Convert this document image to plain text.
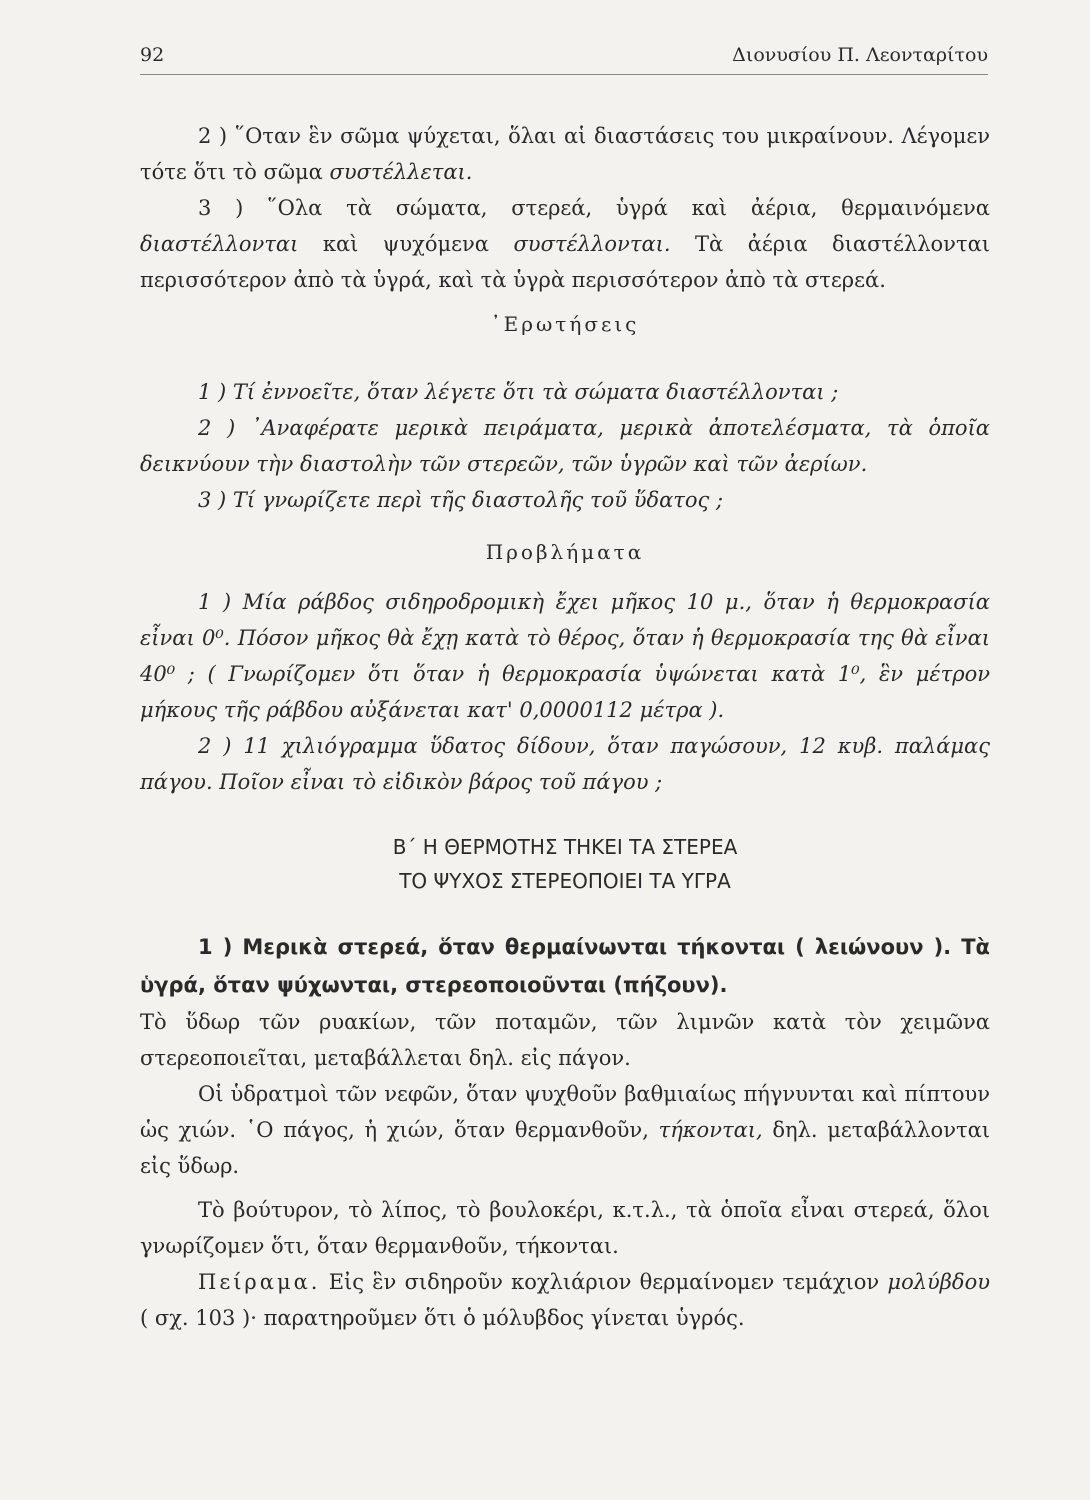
92	Διονυσίου Π. Λεονταρίτου

2 ) ῞Οταν ἓν σῶμα ψύχεται, ὅλαι αἱ διαστάσεις του μικραίνουν. Λέγομεν τότε ὅτι τὸ σῶμα συστέλλεται.

3 ) ῞Ολα τὰ σώματα, στερεά, ὑγρά καὶ ἀέρια, θερμαινόμενα διαστέλλονται καὶ ψυχόμενα συστέλλονται. Τὰ ἀέρια διαστέλλονται περισσότερον ἀπὸ τὰ ὑγρά, καὶ τὰ ὑγρὰ περισσότερον ἀπὸ τὰ στερεά.

᾿Ερωτήσεις

1 ) Τί ἐννοεῖτε, ὅταν λέγετε ὅτι τὰ σώματα διαστέλλονται ;

2 ) ᾿Αναφέρατε μερικὰ πειράματα, μερικὰ ἀποτελέσματα, τὰ ὁποῖα δεικνύουν τὴν διαστολὴν τῶν στερεῶν, τῶν ὑγρῶν καὶ τῶν ἀερίων.

3 ) Τί γνωρίζετε περὶ τῆς διαστολῆς τοῦ ὕδατος ;

Προβλήματα

1 ) Μία ράβδος σιδηροδρομικὴ ἔχει μῆκος 10 μ., ὅταν ἡ θερμοκρασία εἶναι 0⁰. Πόσον μῆκος θὰ ἔχῃ κατὰ τὸ θέρος, ὅταν ἡ θερμοκρασία της θὰ εἶναι 40⁰ ; ( Γνωρίζομεν ὅτι ὅταν ἡ θερμοκρασία ὑψώνεται κατὰ 1⁰, ἓν μέτρον μήκους τῆς ράβδου αὐξάνεται κατ' 0,0000112 μέτρα ).

2 ) 11 χιλιόγραμμα ὕδατος δίδουν, ὅταν παγώσουν, 12 κυβ. παλάμας πάγου. Ποῖον εἶναι τὸ εἰδικὸν βάρος τοῦ πάγου ;

Β΄ Η ΘΕΡΜΟΤΗΣ ΤΗΚΕΙ ΤΑ ΣΤΕΡΕΑ
ΤΟ ΨΥΧΟΣ ΣΤΕΡΕΟΠΟΙΕΙ ΤΑ ΥΓΡΑ

1 ) Μερικὰ στερεά, ὅταν θερμαίνωνται τήκονται ( λειώνουν ). Τὰ ὑγρά, ὅταν ψύχωνται, στερεοποιοῦνται (πήζουν).

Τὸ ὕδωρ τῶν ρυακίων, τῶν ποταμῶν, τῶν λιμνῶν κατὰ τὸν χειμῶνα στερεοποιεῖται, μεταβάλλεται δηλ. εἰς πάγον.

Οἱ ὑδρατμοὶ τῶν νεφῶν, ὅταν ψυχθοῦν βαθμιαίως πήγνυνται καὶ πίπτουν ὡς χιών. ῾Ο πάγος, ἡ χιών, ὅταν θερμανθοῦν, τήκονται, δηλ. μεταβάλλονται εἰς ὕδωρ.

Τὸ βούτυρον, τὸ λίπος, τὸ βουλοκέρι, κ.τ.λ., τὰ ὁποῖα εἶναι στερεά, ὅλοι γνωρίζομεν ὅτι, ὅταν θερμανθοῦν, τήκονται.

Πείραμα. Εἰς ἓν σιδηροῦν κοχλιάριον θερμαίνομεν τεμάχιον μολύβδου ( σχ. 103 )· παρατηροῦμεν ὅτι ὁ μόλυβδος γίνεται ὑγρός.
